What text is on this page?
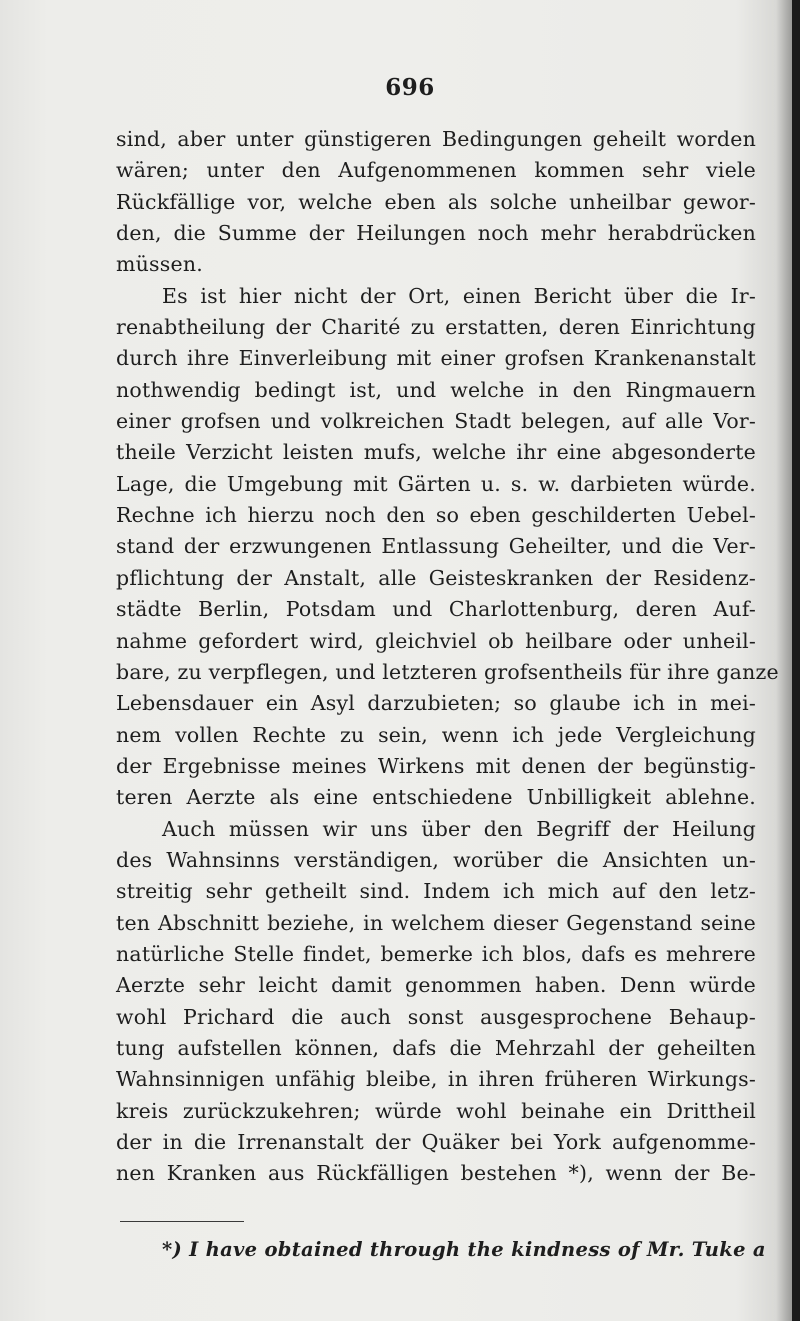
696
sind, aber unter günstigeren Bedingungen geheilt worden
wären; unter den Aufgenommenen kommen sehr viele
Rückfällige vor, welche eben als solche unheilbar gewor-
den, die Summe der Heilungen noch mehr herabdrücken
müssen.
Es ist hier nicht der Ort, einen Bericht über die Ir-
renabtheilung der Charité zu erstatten, deren Einrichtung
durch ihre Einverleibung mit einer grofsen Krankenanstalt
nothwendig bedingt ist, und welche in den Ringmauern
einer grofsen und volkreichen Stadt belegen, auf alle Vor-
theile Verzicht leisten mufs, welche ihr eine abgesonderte
Lage, die Umgebung mit Gärten u. s. w. darbieten würde.
Rechne ich hierzu noch den so eben geschilderten Uebel-
stand der erzwungenen Entlassung Geheilter, und die Ver-
pflichtung der Anstalt, alle Geisteskranken der Residenz-
städte Berlin, Potsdam und Charlottenburg, deren Auf-
nahme gefordert wird, gleichviel ob heilbare oder unheil-
bare, zu verpflegen, und letzteren grofsentheils für ihre ganze
Lebensdauer ein Asyl darzubieten; so glaube ich in mei-
nem vollen Rechte zu sein, wenn ich jede Vergleichung
der Ergebnisse meines Wirkens mit denen der begünstig-
teren Aerzte als eine entschiedene Unbilligkeit ablehne.
Auch müssen wir uns über den Begriff der Heilung
des Wahnsinns verständigen, worüber die Ansichten un-
streitig sehr getheilt sind. Indem ich mich auf den letz-
ten Abschnitt beziehe, in welchem dieser Gegenstand seine
natürliche Stelle findet, bemerke ich blos, dafs es mehrere
Aerzte sehr leicht damit genommen haben. Denn würde
wohl Prichard die auch sonst ausgesprochene Behaup-
tung aufstellen können, dafs die Mehrzahl der geheilten
Wahnsinnigen unfähig bleibe, in ihren früheren Wirkungs-
kreis zurückzukehren; würde wohl beinahe ein Drittheil
der in die Irrenanstalt der Quäker bei York aufgenomme-
nen Kranken aus Rückfälligen bestehen *), wenn der Be-
*) I have obtained through the kindness of Mr. Tuke a
